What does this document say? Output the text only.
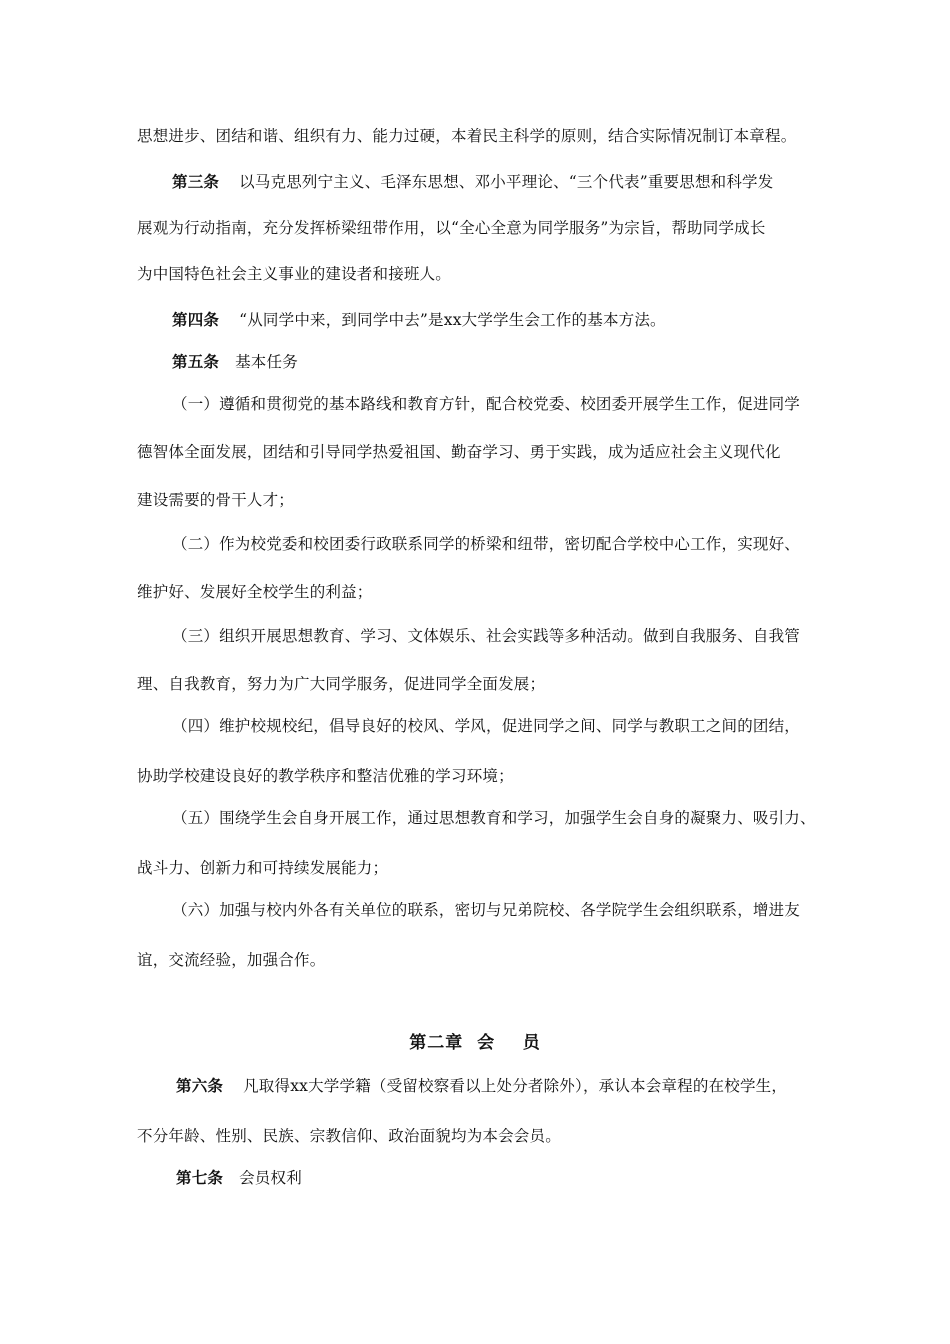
思想进步、团结和谐、组织有力、能力过硬，本着民主科学的原则，结合实际情况制订本章程。
第三条 以马克思列宁主义、毛泽东思想、邓小平理论、“三个代表”重要思想和科学发
展观为行动指南，充分发挥桥梁纽带作用，以“全心全意为同学服务”为宗旨，帮助同学成长
为中国特色社会主义事业的建设者和接班人。
第四条 “从同学中来，到同学中去”是xx大学学生会工作的基本方法。
第五条 基本任务
（一）遵循和贯彻党的基本路线和教育方针，配合校党委、校团委开展学生工作，促进同学
德智体全面发展，团结和引导同学热爱祖国、勤奋学习、勇于实践，成为适应社会主义现代化
建设需要的骨干人才；
（二）作为校党委和校团委行政联系同学的桥梁和纽带，密切配合学校中心工作，实现好、
维护好、发展好全校学生的利益；
（三）组织开展思想教育、学习、文体娱乐、社会实践等多种活动。做到自我服务、自我管
理、自我教育，努力为广大同学服务，促进同学全面发展；
（四）维护校规校纪，倡导良好的校风、学风，促进同学之间、同学与教职工之间的团结，
协助学校建设良好的教学秩序和整洁优雅的学习环境；
（五）围绕学生会自身开展工作，通过思想教育和学习，加强学生会自身的凝聚力、吸引力、
战斗力、创新力和可持续发展能力；
（六）加强与校内外各有关单位的联系，密切与兄弟院校、各学院学生会组织联系，增进友
谊，交流经验，加强合作。
第二章  会    员
第六条 凡取得xx大学学籍（受留校察看以上处分者除外），承认本会章程的在校学生，
不分年龄、性别、民族、宗教信仰、政治面貌均为本会会员。
第七条 会员权利
